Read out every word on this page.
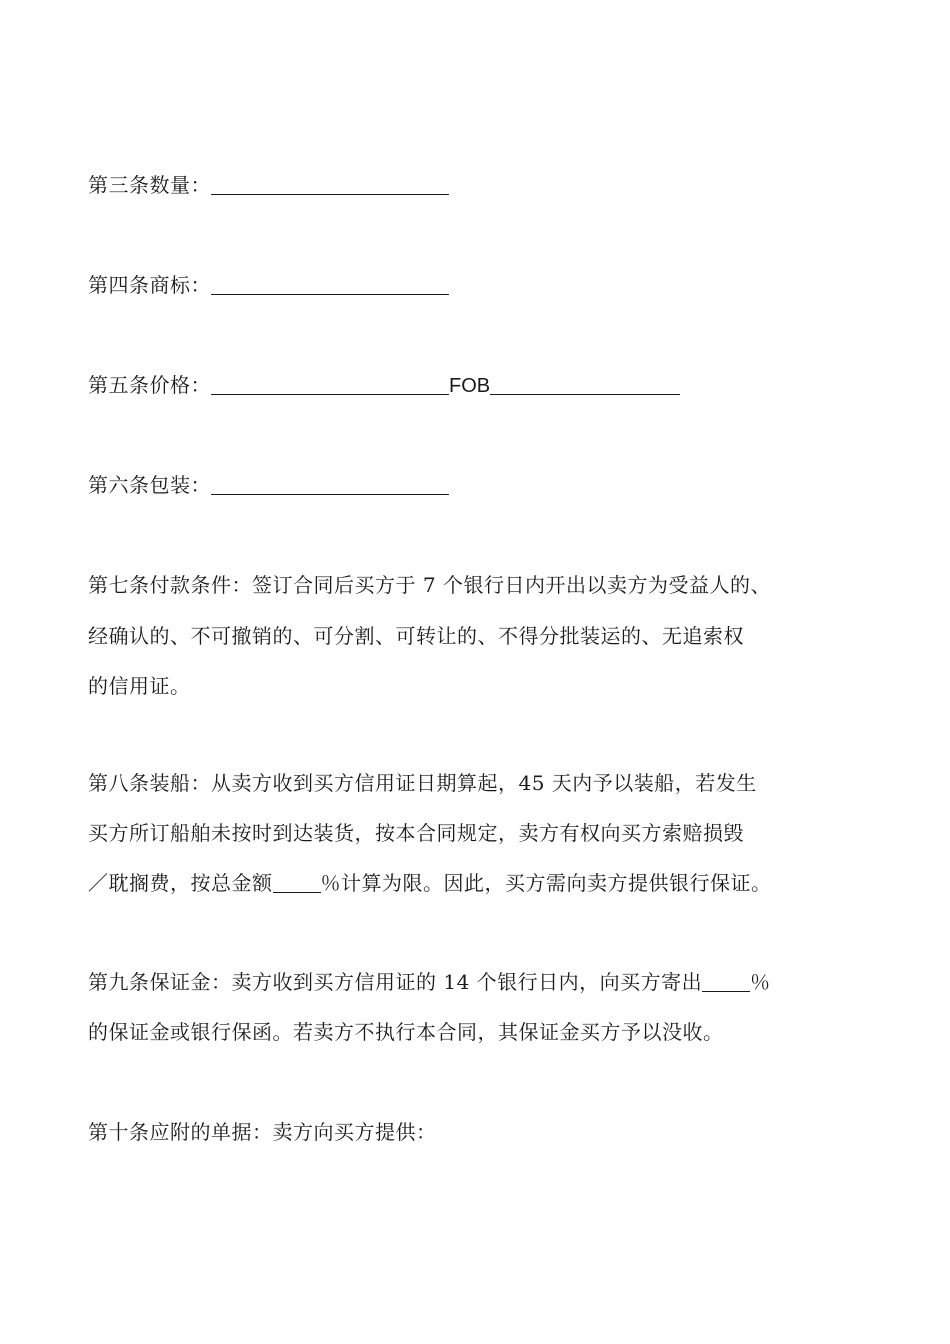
第三条数量：
第四条商标：
第五条价格：	FOB
第六条包装：
第七条付款条件：签订合同后买方于 7 个银行日内开出以卖方为受益人的、
经确认的、不可撤销的、可分割、可转让的、不得分批装运的、无追索权
的信用证。
第八条装船：从卖方收到买方信用证日期算起，45 天内予以装船，若发生
买方所订船舶未按时到达装货，按本合同规定，卖方有权向买方索赔损毁
／耽搁费，按总金额 ％计算为限。因此，买方需向卖方提供银行保证。
第九条保证金：卖方收到买方信用证的 14 个银行日内，向买方寄出 ％
的保证金或银行保函。若卖方不执行本合同，其保证金买方予以没收。
第十条应附的单据：卖方向买方提供：
